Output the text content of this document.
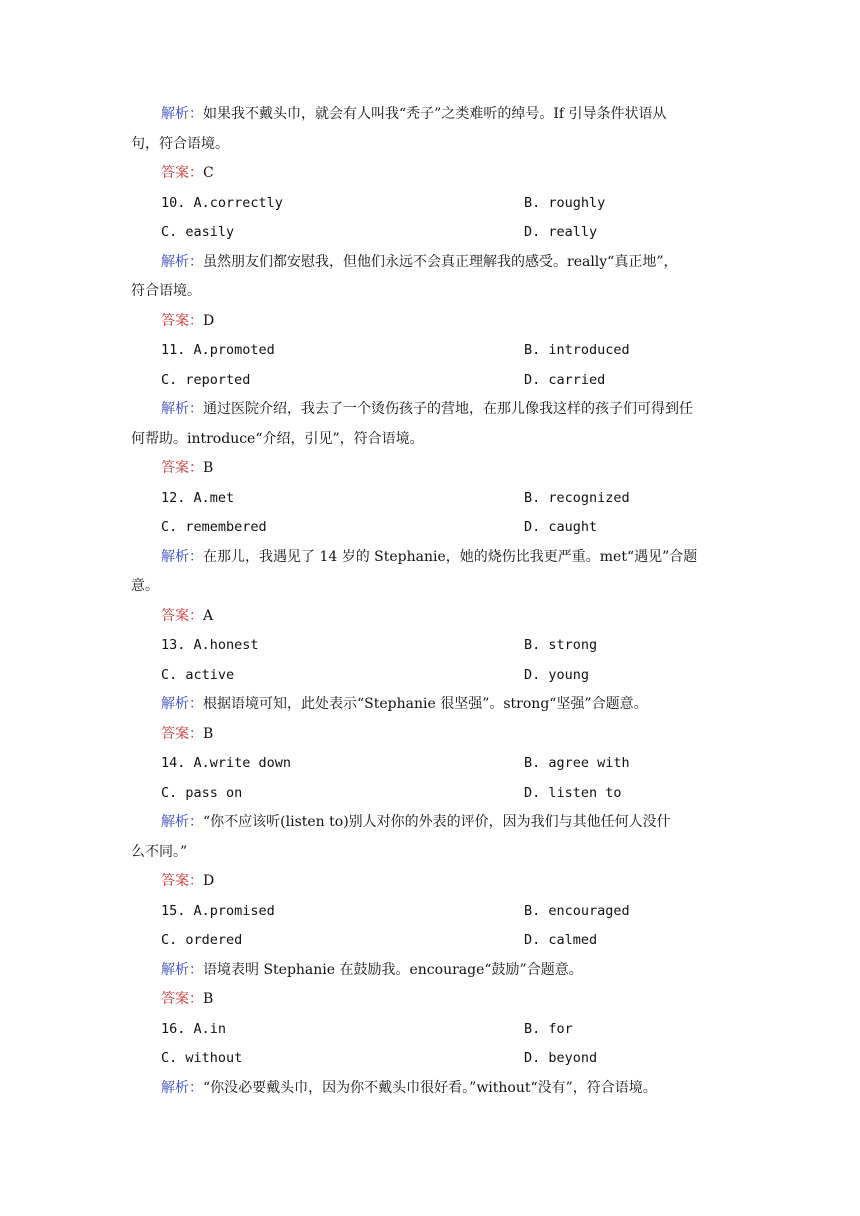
解析：如果我不戴头巾，就会有人叫我“秃子”之类难听的绰号。If 引导条件状语从
句，符合语境。
答案：C
10. A.correctly	B. roughly
C. easily	D. really
解析：虽然朋友们都安慰我，但他们永远不会真正理解我的感受。really“真正地”，
符合语境。
答案：D
11. A.promoted	B. introduced
C. reported	D. carried
解析：通过医院介绍，我去了一个烫伤孩子的营地，在那儿像我这样的孩子们可得到任
何帮助。introduce“介绍，引见”，符合语境。
答案：B
12. A.met	B. recognized
C. remembered	D. caught
解析：在那儿，我遇见了 14 岁的 Stephanie，她的烧伤比我更严重。met“遇见”合题
意。
答案：A
13. A.honest	B. strong
C. active	D. young
解析：根据语境可知，此处表示“Stephanie 很坚强”。strong“坚强”合题意。
答案：B
14. A.write down	B. agree with
C. pass on	D. listen to
解析：“你不应该听(listen to)别人对你的外表的评价，因为我们与其他任何人没什
么不同。”
答案：D
15. A.promised	B. encouraged
C. ordered	D. calmed
解析：语境表明 Stephanie 在鼓励我。encourage“鼓励”合题意。
答案：B
16. A.in	B. for
C. without	D. beyond
解析：“你没必要戴头巾，因为你不戴头巾很好看。”without“没有”，符合语境。
